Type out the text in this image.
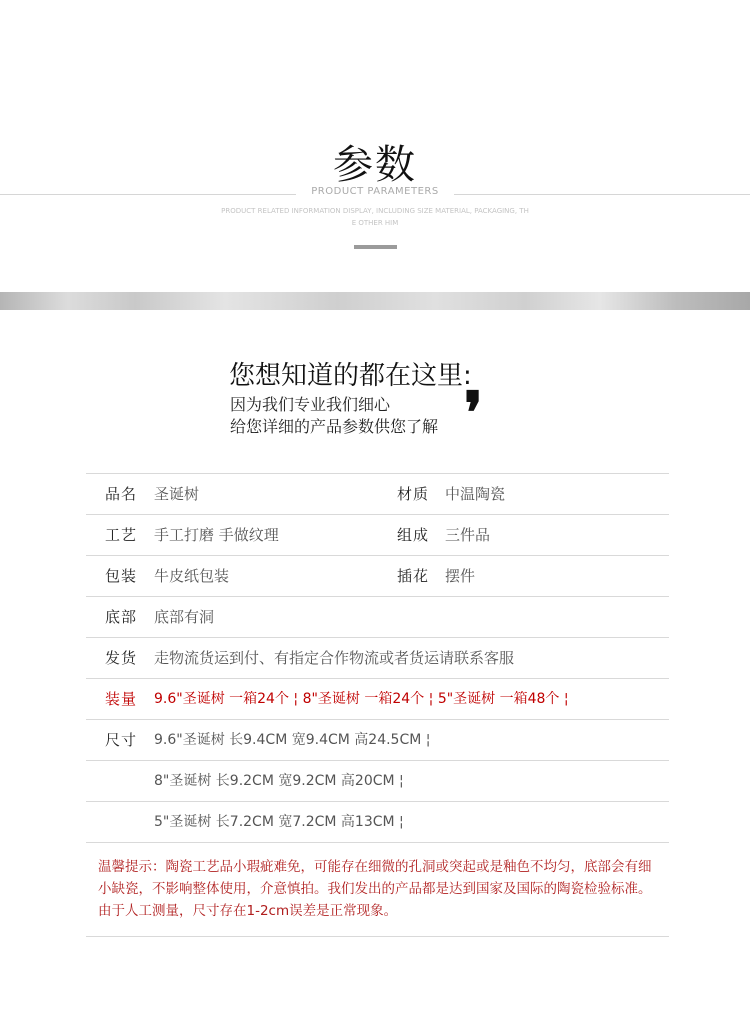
参数
PRODUCT PARAMETERS
PRODUCT RELATED INFORMATION DISPLAY, INCLUDING SIZE MATERIAL, PACKAGING, THE OTHER HIM
您想知道的都在这里:
因为我们专业我们细心
给您详细的产品参数供您了解 ❜
品名 圣诞树	材质 中温陶瓷
工艺 手工打磨 手做纹理	组成 三件品
包装 牛皮纸包装	插花 摆件
底部 底部有洞
发货 走物流货运到付、有指定合作物流或者货运请联系客服
装量 9.6"圣诞树 一箱24个 ¦ 8"圣诞树 一箱24个 ¦ 5"圣诞树 一箱48个 ¦
尺寸 9.6"圣诞树 长9.4CM 宽9.4CM 高24.5CM ¦
8"圣诞树 长9.2CM 宽9.2CM 高20CM ¦
5"圣诞树 长7.2CM 宽7.2CM 高13CM ¦
温馨提示：陶瓷工艺品小瑕疵难免，可能存在细微的孔洞或突起或是釉色不均匀，底部会有细小缺瓷，不影响整体使用，介意慎拍。我们发出的产品都是达到国家及国际的陶瓷检验标准。由于人工测量，尺寸存在1-2cm误差是正常现象。
